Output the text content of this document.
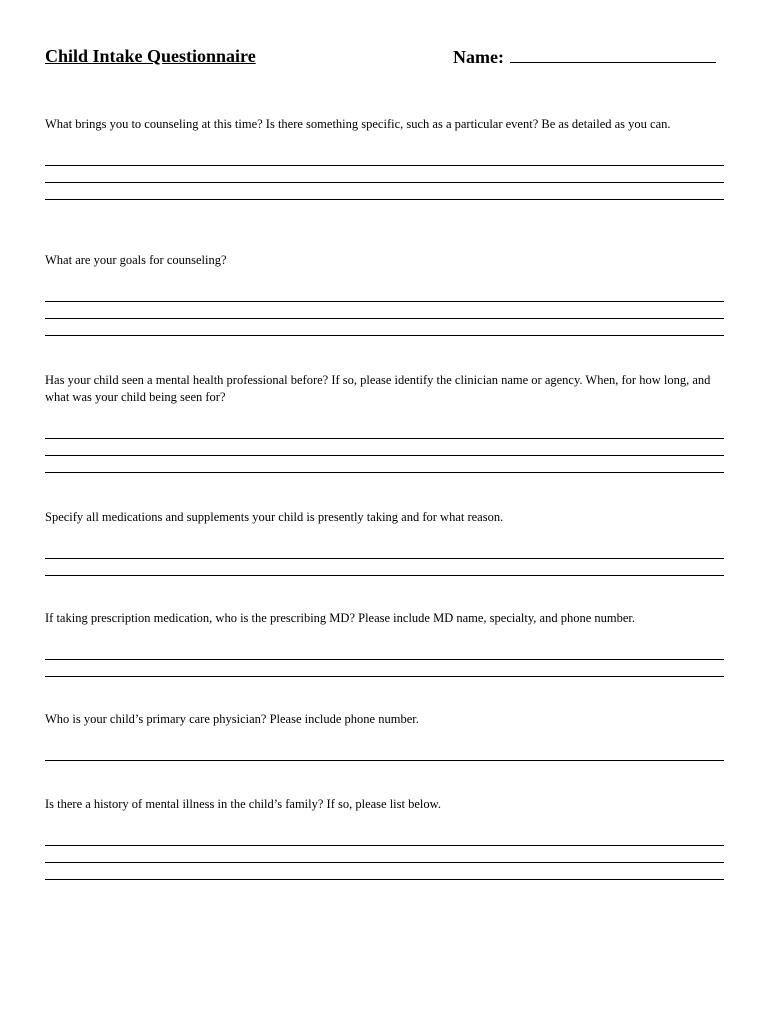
Child Intake Questionnaire	Name:

What brings you to counseling at this time? Is there something specific, such as a particular event? Be as detailed as you can.

What are your goals for counseling?

Has your child seen a mental health professional before? If so, please identify the clinician name or agency. When, for how long, and what was your child being seen for?

Specify all medications and supplements your child is presently taking and for what reason.

If taking prescription medication, who is the prescribing MD? Please include MD name, specialty, and phone number.

Who is your child’s primary care physician? Please include phone number.

Is there a history of mental illness in the child’s family? If so, please list below.
